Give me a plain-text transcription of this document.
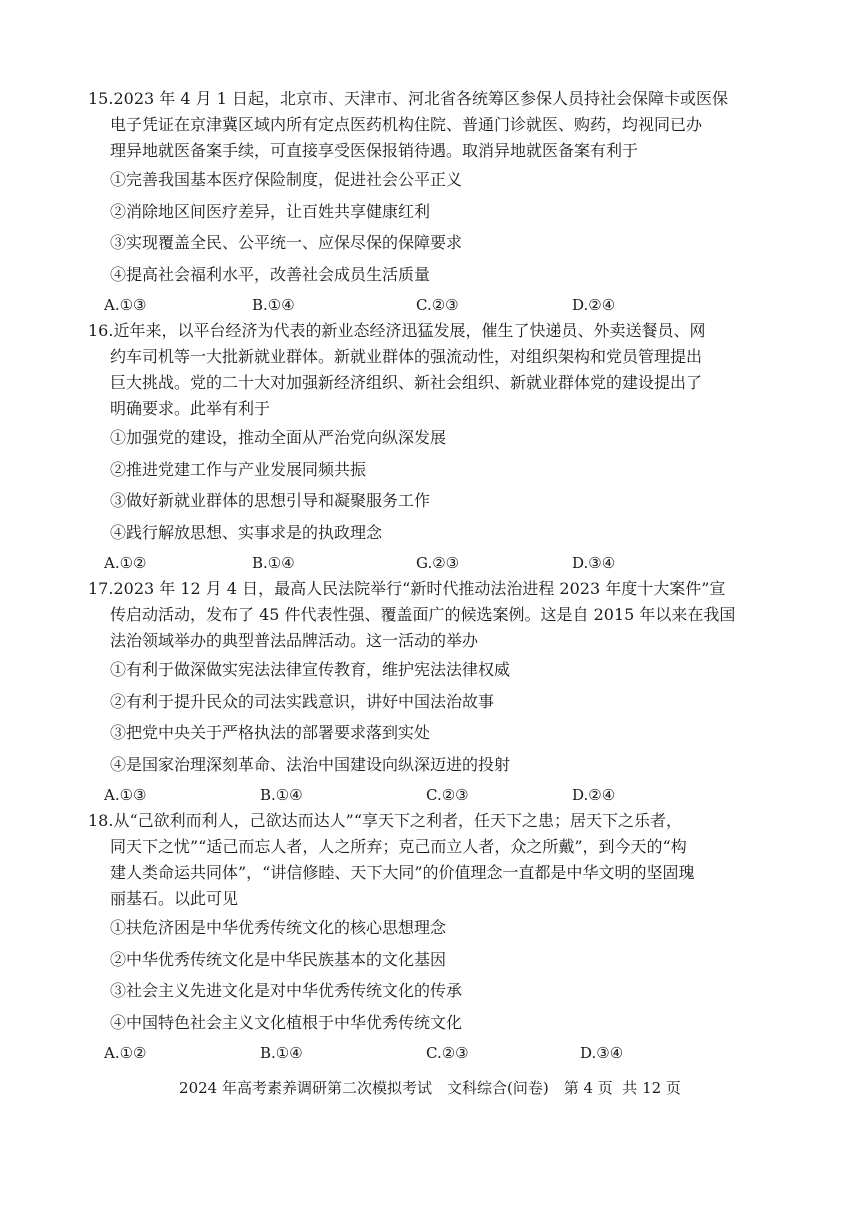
15.2023 年 4 月 1 日起，北京市、天津市、河北省各统筹区参保人员持社会保障卡或医保
电子凭证在京津冀区域内所有定点医药机构住院、普通门诊就医、购药，均视同已办
理异地就医备案手续，可直接享受医保报销待遇。取消异地就医备案有利于

①完善我国基本医疗保险制度，促进社会公平正义

②消除地区间医疗差异，让百姓共享健康红利

③实现覆盖全民、公平统一、应保尽保的保障要求

④提高社会福利水平，改善社会成员生活质量

A.①③	B.①④	C.②③	D.②④

16.近年来，以平台经济为代表的新业态经济迅猛发展，催生了快递员、外卖送餐员、网
约车司机等一大批新就业群体。新就业群体的强流动性，对组织架构和党员管理提出
巨大挑战。党的二十大对加强新经济组织、新社会组织、新就业群体党的建设提出了
明确要求。此举有利于

①加强党的建设，推动全面从严治党向纵深发展

②推进党建工作与产业发展同频共振

③做好新就业群体的思想引导和凝聚服务工作

④践行解放思想、实事求是的执政理念

A.①②	B.①④	G.②③	D.③④

17.2023 年 12 月 4 日，最高人民法院举行“新时代推动法治进程 2023 年度十大案件”宣
传启动活动，发布了 45 件代表性强、覆盖面广的候选案例。这是自 2015 年以来在我国
法治领域举办的典型普法品牌活动。这一活动的举办

①有利于做深做实宪法法律宣传教育，维护宪法法律权威

②有利于提升民众的司法实践意识，讲好中国法治故事

③把党中央关于严格执法的部署要求落到实处

④是国家治理深刻革命、法治中国建设向纵深迈进的投射

A.①③	B.①④	C.②③	D.②④

18.从“己欲利而利人，己欲达而达人”“享天下之利者，任天下之患；居天下之乐者，
同天下之忧”“适己而忘人者，人之所弃；克己而立人者，众之所戴”，到今天的“构
建人类命运共同体”，“讲信修睦、天下大同”的价值理念一直都是中华文明的坚固瑰
丽基石。以此可见

①扶危济困是中华优秀传统文化的核心思想理念

②中华优秀传统文化是中华民族基本的文化基因

③社会主义先进文化是对中华优秀传统文化的传承

④中国特色社会主义文化植根于中华优秀传统文化

A.①②	B.①④	C.②③	D.③④
2024 年高考素养调研第二次模拟考试　文科综合(问卷)　第 4 页  共 12 页
